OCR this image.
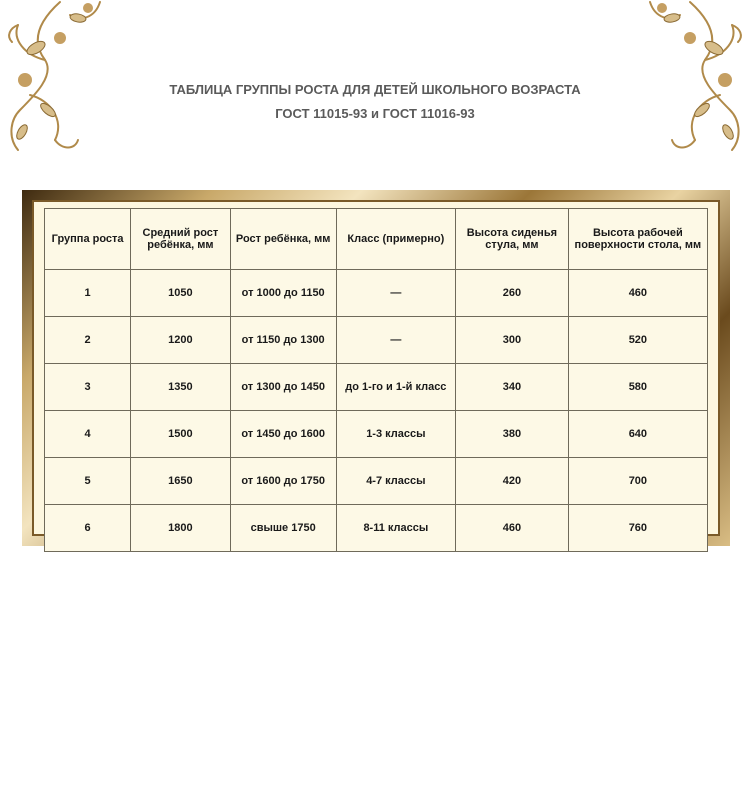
ТАБЛИЦА ГРУППЫ РОСТА ДЛЯ ДЕТЕЙ ШКОЛЬНОГО ВОЗРАСТА
ГОСТ 11015-93 и ГОСТ 11016-93
Группа роста	Средний рост ребёнка, мм	Рост ребёнка, мм	Класс (примерно)	Высота сиденья стула, мм	Высота рабочей поверхности стола, мм
1	1050	от 1000 до 1150	—	260	460
2	1200	от 1150 до 1300	—	300	520
3	1350	от 1300 до 1450	до 1-го и 1-й класс	340	580
4	1500	от 1450 до 1600	1-3 классы	380	640
5	1650	от 1600 до 1750	4-7 классы	420	700
6	1800	свыше 1750	8-11 классы	460	760
